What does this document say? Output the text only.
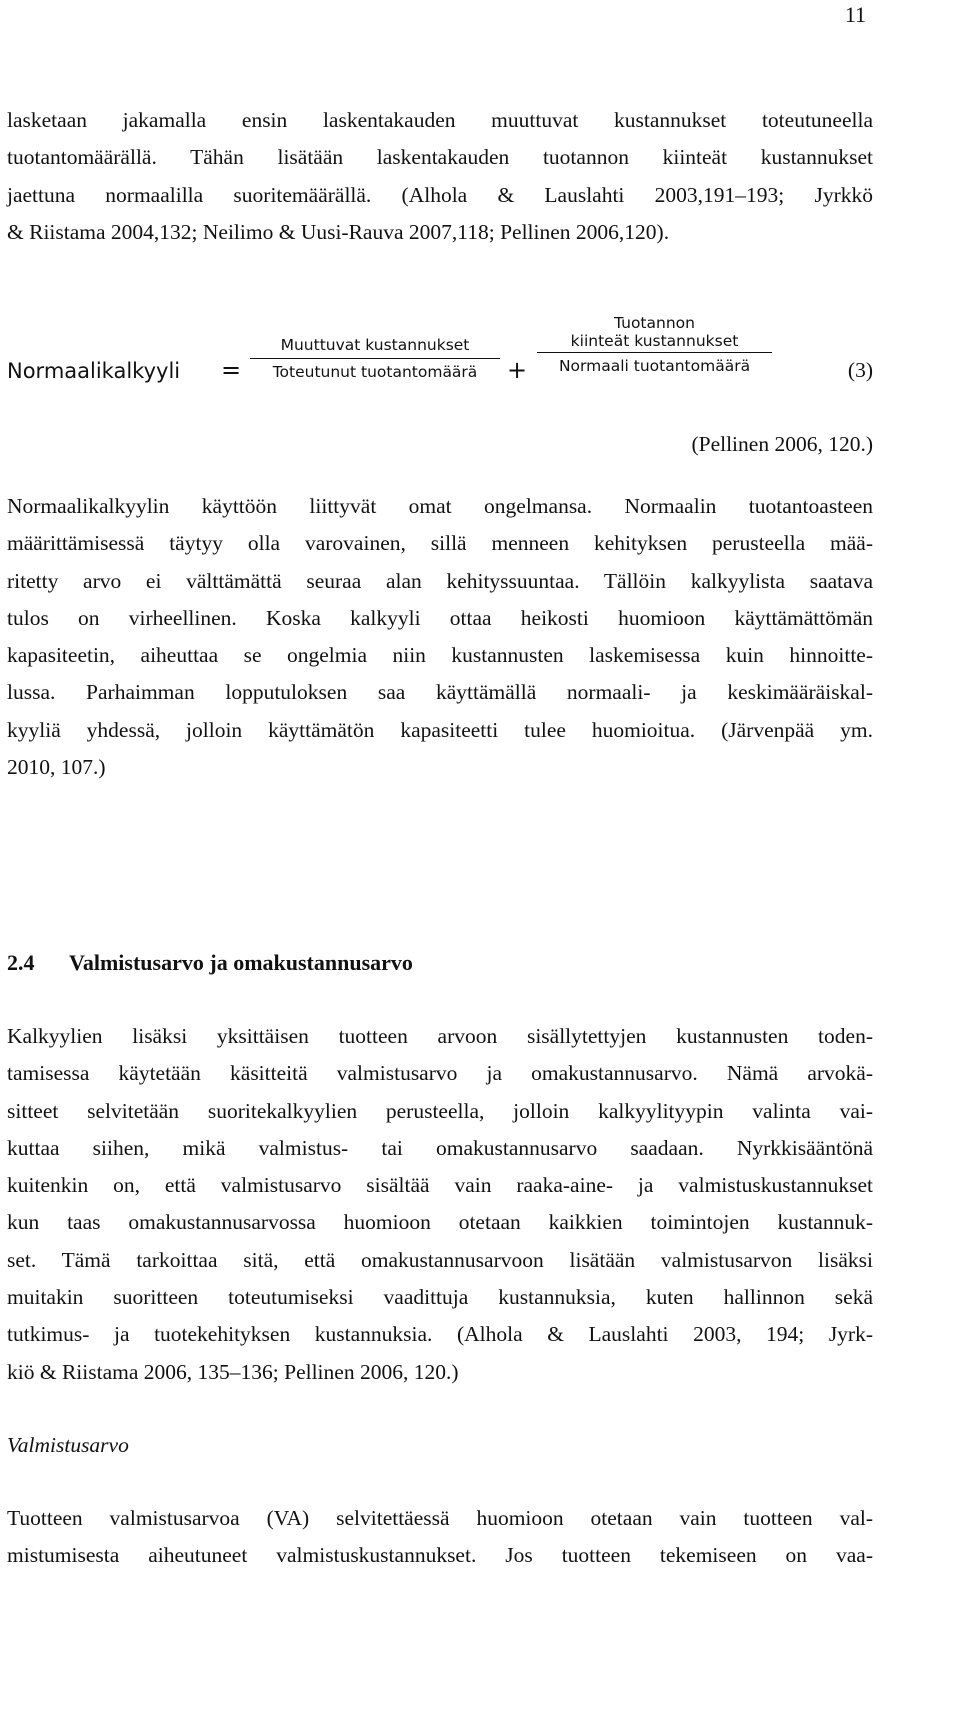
11
lasketaan jakamalla ensin laskentakauden muuttuvat kustannukset toteutuneella
tuotantomäärällä. Tähän lisätään laskentakauden tuotannon kiinteät kustannukset
jaettuna normaalilla suoritemäärällä. (Alhola & Lauslahti 2003,191–193; Jyrkkö
& Riistama 2004,132; Neilimo & Uusi-Rauva 2007,118; Pellinen 2006,120).
Normaalikalkyyli =
Muuttuvat kustannukset
Toteutunut tuotantomäärä	+
Tuotannon
kiinteät kustannukset
Normaali tuotantomäärä	(3)
(Pellinen 2006, 120.)
Normaalikalkyylin käyttöön liittyvät omat ongelmansa. Normaalin tuotantoasteen
määrittämisessä täytyy olla varovainen, sillä menneen kehityksen perusteella mää-
ritetty arvo ei välttämättä seuraa alan kehityssuuntaa. Tällöin kalkyylista saatava
tulos on virheellinen. Koska kalkyyli ottaa heikosti huomioon käyttämättömän
kapasiteetin, aiheuttaa se ongelmia niin kustannusten laskemisessa kuin hinnoitte-
lussa. Parhaimman lopputuloksen saa käyttämällä normaali- ja keskimääräiskal-
kyyliä yhdessä, jolloin käyttämätön kapasiteetti tulee huomioitua. (Järvenpää ym.
2010, 107.)
2.4 Valmistusarvo ja omakustannusarvo
Kalkyylien lisäksi yksittäisen tuotteen arvoon sisällytettyjen kustannusten toden-
tamisessa käytetään käsitteitä valmistusarvo ja omakustannusarvo. Nämä arvokä-
sitteet selvitetään suoritekalkyylien perusteella, jolloin kalkyylityypin valinta vai-
kuttaa siihen, mikä valmistus- tai omakustannusarvo saadaan. Nyrkkisääntönä
kuitenkin on, että valmistusarvo sisältää vain raaka-aine- ja valmistuskustannukset
kun taas omakustannusarvossa huomioon otetaan kaikkien toimintojen kustannuk-
set. Tämä tarkoittaa sitä, että omakustannusarvoon lisätään valmistusarvon lisäksi
muitakin suoritteen toteutumiseksi vaadittuja kustannuksia, kuten hallinnon sekä
tutkimus- ja tuotekehityksen kustannuksia. (Alhola & Lauslahti 2003, 194; Jyrk-
kiö & Riistama 2006, 135–136; Pellinen 2006, 120.)
Valmistusarvo
Tuotteen valmistusarvoa (VA) selvitettäessä huomioon otetaan vain tuotteen val-
mistumisesta aiheutuneet valmistuskustannukset. Jos tuotteen tekemiseen on vaa-
